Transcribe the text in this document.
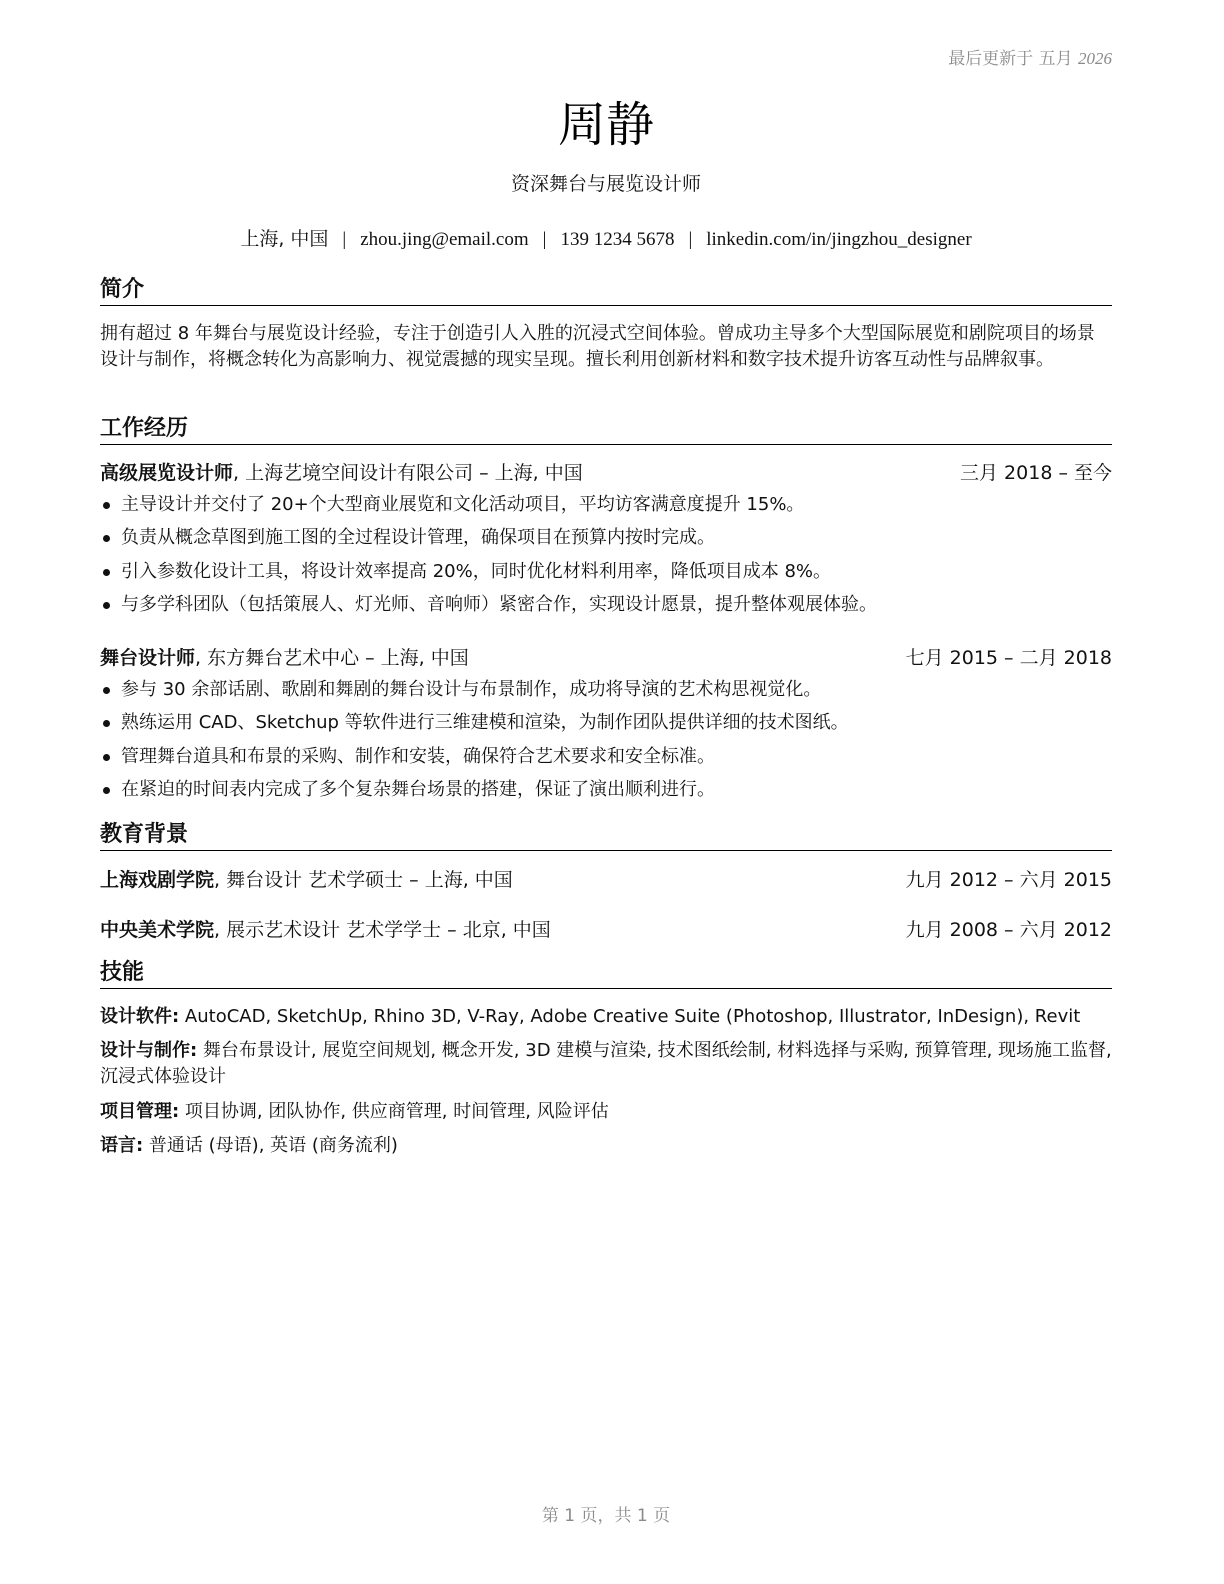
最后更新于 五月 2026
周静
资深舞台与展览设计师
上海, 中国 | zhou.jing@email.com | 139 1234 5678 | linkedin.com/in/jingzhou_designer
简介
拥有超过 8 年舞台与展览设计经验，专注于创造引人入胜的沉浸式空间体验。曾成功主导多个大型国际展览和剧院项目的场景设计与制作，将概念转化为高影响力、视觉震撼的现实呈现。擅长利用创新材料和数字技术提升访客互动性与品牌叙事。
工作经历
高级展览设计师, 上海艺境空间设计有限公司 – 上海, 中国	三月 2018 – 至今
主导设计并交付了 20+个大型商业展览和文化活动项目，平均访客满意度提升 15%。
负责从概念草图到施工图的全过程设计管理，确保项目在预算内按时完成。
引入参数化设计工具，将设计效率提高 20%，同时优化材料利用率，降低项目成本 8%。
与多学科团队（包括策展人、灯光师、音响师）紧密合作，实现设计愿景，提升整体观展体验。
舞台设计师, 东方舞台艺术中心 – 上海, 中国	七月 2015 – 二月 2018
参与 30 余部话剧、歌剧和舞剧的舞台设计与布景制作，成功将导演的艺术构思视觉化。
熟练运用 CAD、Sketchup 等软件进行三维建模和渲染，为制作团队提供详细的技术图纸。
管理舞台道具和布景的采购、制作和安装，确保符合艺术要求和安全标准。
在紧迫的时间表内完成了多个复杂舞台场景的搭建，保证了演出顺利进行。
教育背景
上海戏剧学院, 舞台设计 艺术学硕士 – 上海, 中国	九月 2012 – 六月 2015
中央美术学院, 展示艺术设计 艺术学学士 – 北京, 中国	九月 2008 – 六月 2012
技能
设计软件: AutoCAD, SketchUp, Rhino 3D, V-Ray, Adobe Creative Suite (Photoshop, Illustrator, InDesign), Revit
设计与制作: 舞台布景设计, 展览空间规划, 概念开发, 3D 建模与渲染, 技术图纸绘制, 材料选择与采购, 预算管理, 现场施工监督, 沉浸式体验设计
项目管理: 项目协调, 团队协作, 供应商管理, 时间管理, 风险评估
语言: 普通话 (母语), 英语 (商务流利)
第 1 页，共 1 页
